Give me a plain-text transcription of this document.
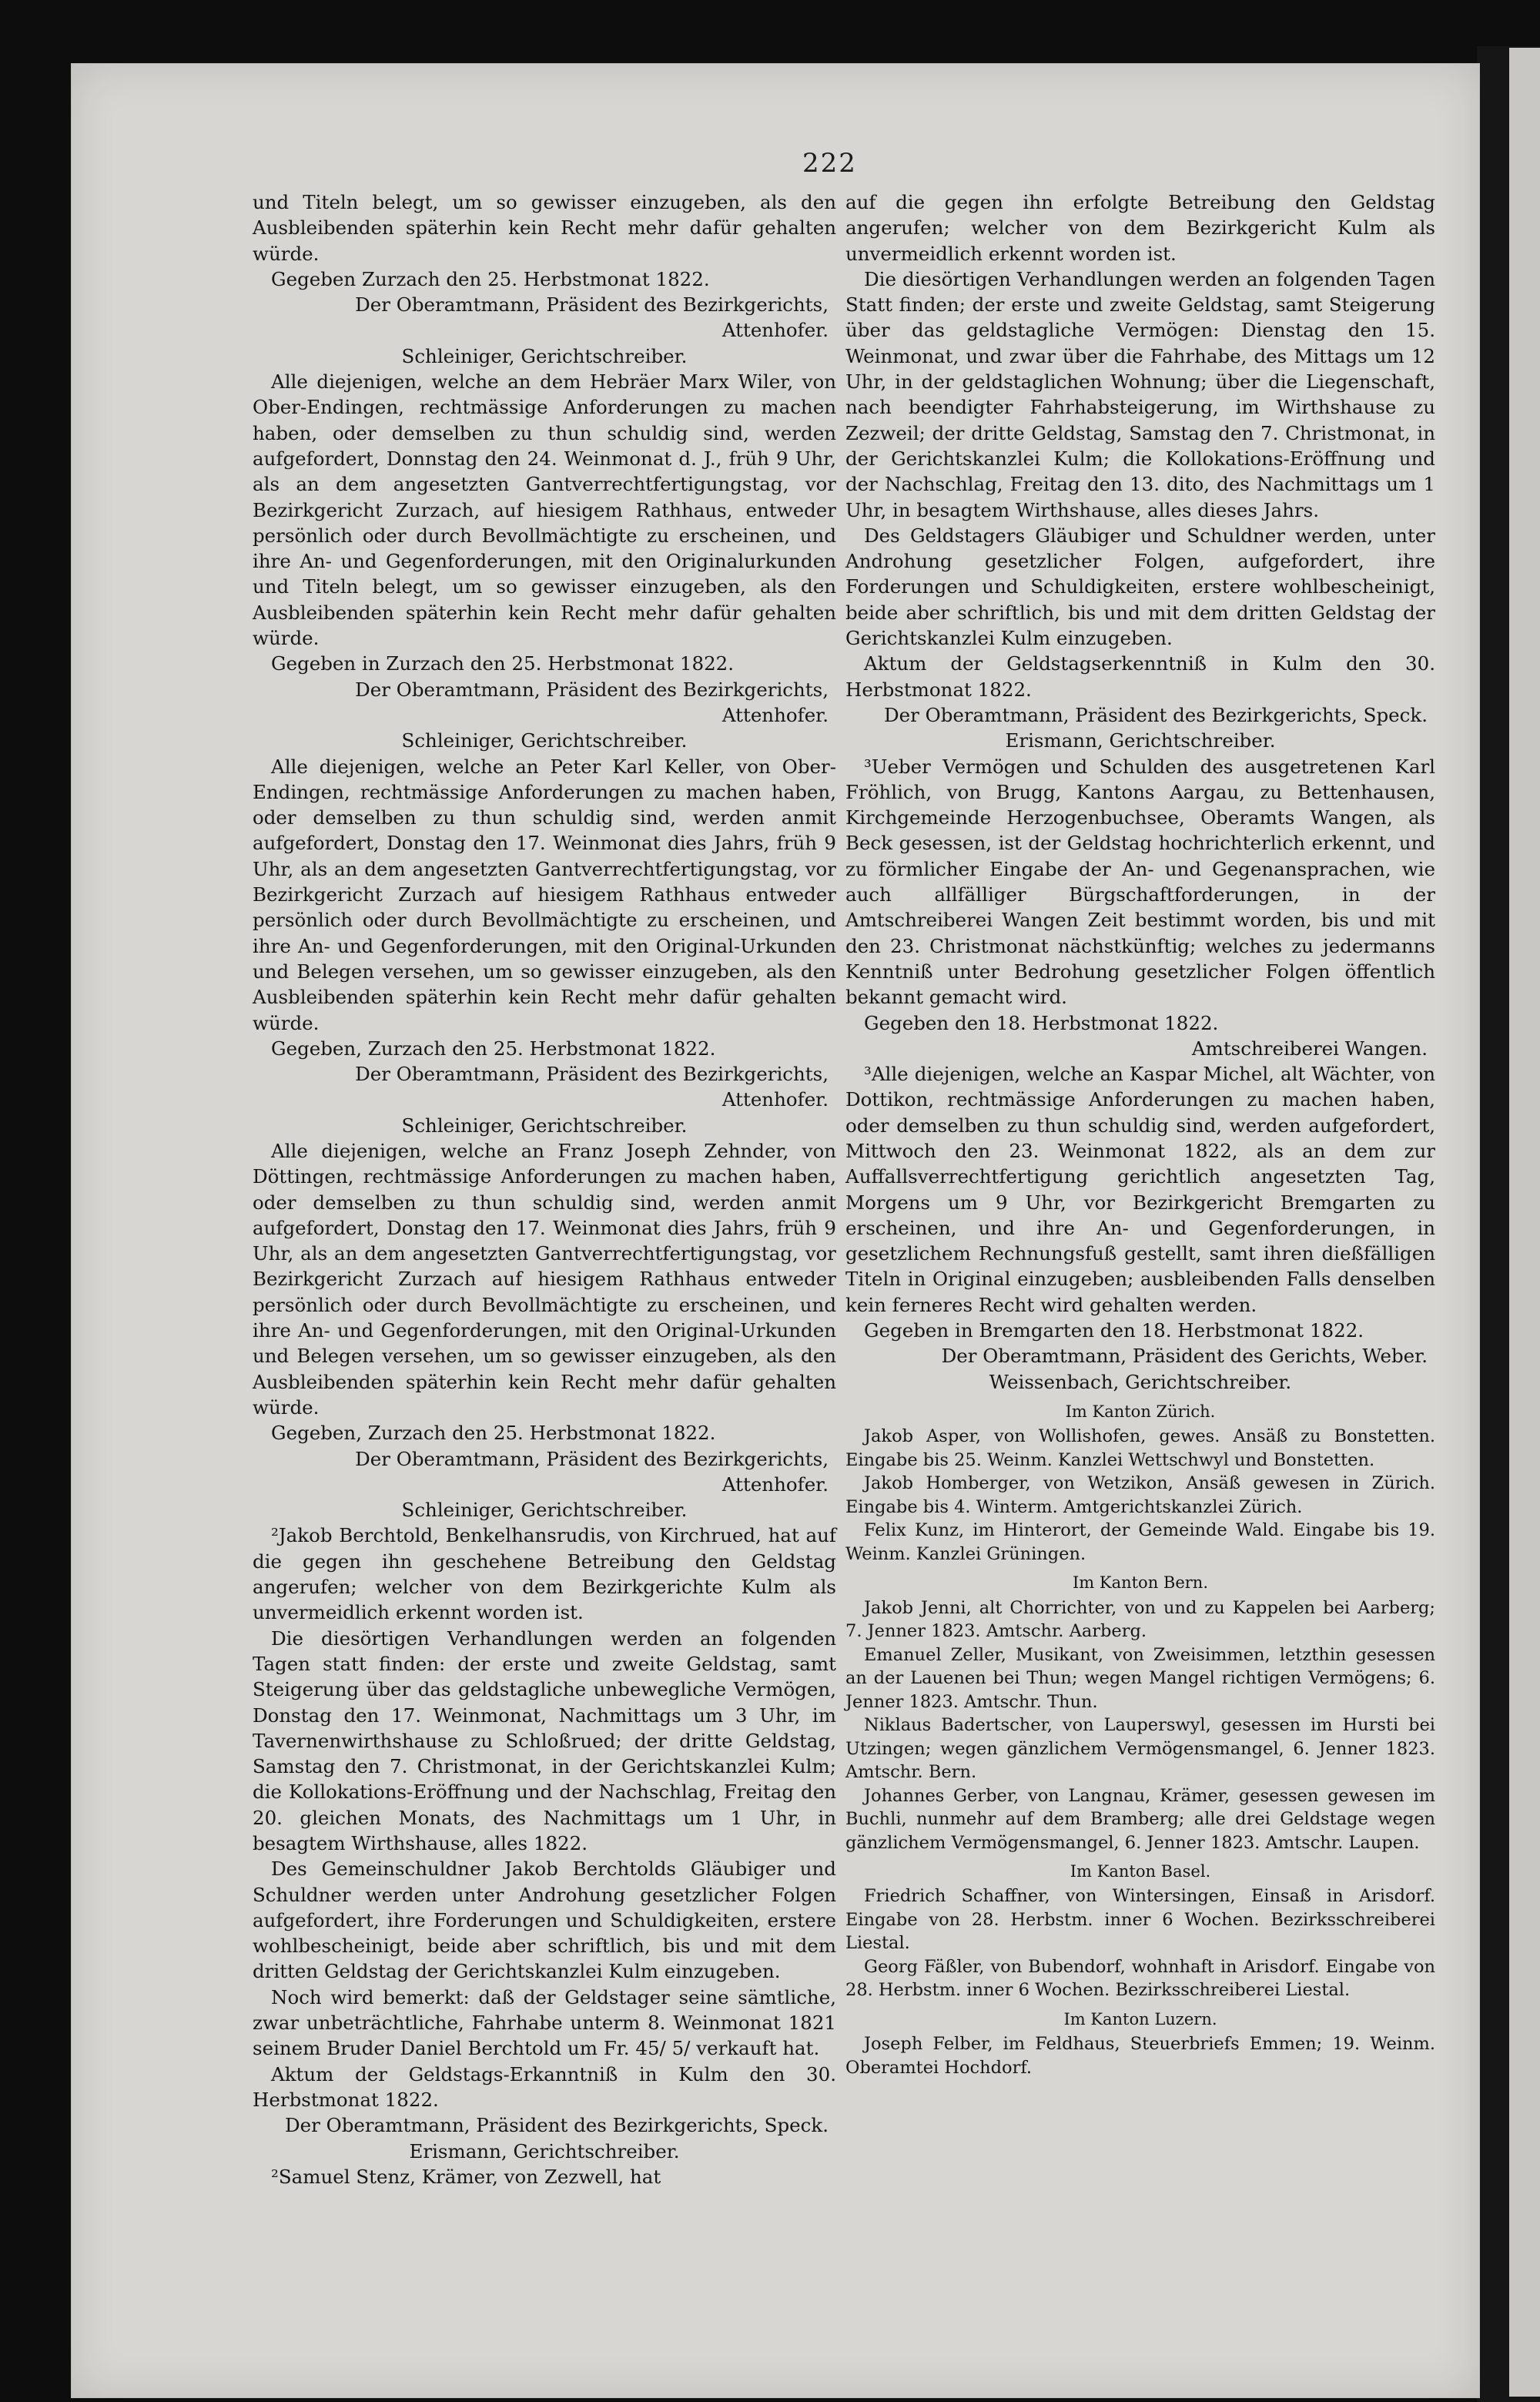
222

und Titeln belegt, um so gewisser einzugeben, als den Ausbleibenden späterhin kein Recht mehr dafür gehalten würde.

Gegeben Zurzach den 25. Herbstmonat 1822.

Der Oberamtmann, Präsident des Bezirkgerichts, Attenhofer.

Schleiniger, Gerichtschreiber.

Alle diejenigen, welche an dem Hebräer Marx Wiler, von Ober-Endingen, rechtmässige Anforderungen zu machen haben, oder demselben zu thun schuldig sind, werden aufgefordert, Donnstag den 24. Weinmonat d. J., früh 9 Uhr, als an dem angesetzten Gantverrechtfertigungstag, vor Bezirkgericht Zurzach, auf hiesigem Rathhaus, entweder persönlich oder durch Bevollmächtigte zu erscheinen, und ihre An- und Gegenforderungen, mit den Originalurkunden und Titeln belegt, um so gewisser einzugeben, als den Ausbleibenden späterhin kein Recht mehr dafür gehalten würde.

Gegeben in Zurzach den 25. Herbstmonat 1822.

Der Oberamtmann, Präsident des Bezirkgerichts, Attenhofer.

Schleiniger, Gerichtschreiber.

Alle diejenigen, welche an Peter Karl Keller, von Ober-Endingen, rechtmässige Anforderungen zu machen haben, oder demselben zu thun schuldig sind, werden anmit aufgefordert, Donstag den 17. Weinmonat dies Jahrs, früh 9 Uhr, als an dem angesetzten Gantverrechtfertigungstag, vor Bezirkgericht Zurzach auf hiesigem Rathhaus entweder persönlich oder durch Bevollmächtigte zu erscheinen, und ihre An- und Gegenforderungen, mit den Original-Urkunden und Belegen versehen, um so gewisser einzugeben, als den Ausbleibenden späterhin kein Recht mehr dafür gehalten würde.

Gegeben, Zurzach den 25. Herbstmonat 1822.

Der Oberamtmann, Präsident des Bezirkgerichts, Attenhofer.

Schleiniger, Gerichtschreiber.

Alle diejenigen, welche an Franz Joseph Zehnder, von Döttingen, rechtmässige Anforderungen zu machen haben, oder demselben zu thun schuldig sind, werden anmit aufgefordert, Donstag den 17. Weinmonat dies Jahrs, früh 9 Uhr, als an dem angesetzten Gantverrechtfertigungstag, vor Bezirkgericht Zurzach auf hiesigem Rathhaus entweder persönlich oder durch Bevollmächtigte zu erscheinen, und ihre An- und Gegenforderungen, mit den Original-Urkunden und Belegen versehen, um so gewisser einzugeben, als den Ausbleibenden späterhin kein Recht mehr dafür gehalten würde.

Gegeben, Zurzach den 25. Herbstmonat 1822.

Der Oberamtmann, Präsident des Bezirkgerichts, Attenhofer.

Schleiniger, Gerichtschreiber.

²Jakob Berchtold, Benkelhansrudis, von Kirchrued, hat auf die gegen ihn geschehene Betreibung den Geldstag angerufen; welcher von dem Bezirkgerichte Kulm als unvermeidlich erkennt worden ist.

Die diesörtigen Verhandlungen werden an folgenden Tagen statt finden: der erste und zweite Geldstag, samt Steigerung über das geldstagliche unbewegliche Vermögen, Donstag den 17. Weinmonat, Nachmittags um 3 Uhr, im Tavernenwirthshause zu Schloßrued; der dritte Geldstag, Samstag den 7. Christmonat, in der Gerichtskanzlei Kulm; die Kollokations-Eröffnung und der Nachschlag, Freitag den 20. gleichen Monats, des Nachmittags um 1 Uhr, in besagtem Wirthshause, alles 1822.

Des Gemeinschuldner Jakob Berchtolds Gläubiger und Schuldner werden unter Androhung gesetzlicher Folgen aufgefordert, ihre Forderungen und Schuldigkeiten, erstere wohlbescheinigt, beide aber schriftlich, bis und mit dem dritten Geldstag der Gerichtskanzlei Kulm einzugeben.

Noch wird bemerkt: daß der Geldstager seine sämtliche, zwar unbeträchtliche, Fahrhabe unterm 8. Weinmonat 1821 seinem Bruder Daniel Berchtold um Fr. 45/ 5/ verkauft hat.

Aktum der Geldstags-Erkanntniß in Kulm den 30. Herbstmonat 1822.

Der Oberamtmann, Präsident des Bezirkgerichts, Speck.

Erismann, Gerichtschreiber.

²Samuel Stenz, Krämer, von Zezwell, hat

auf die gegen ihn erfolgte Betreibung den Geldstag angerufen; welcher von dem Bezirkgericht Kulm als unvermeidlich erkennt worden ist.

Die diesörtigen Verhandlungen werden an folgenden Tagen Statt finden; der erste und zweite Geldstag, samt Steigerung über das geldstagliche Vermögen: Dienstag den 15. Weinmonat, und zwar über die Fahrhabe, des Mittags um 12 Uhr, in der geldstaglichen Wohnung; über die Liegenschaft, nach beendigter Fahrhabsteigerung, im Wirthshause zu Zezweil; der dritte Geldstag, Samstag den 7. Christmonat, in der Gerichtskanzlei Kulm; die Kollokations-Eröffnung und der Nachschlag, Freitag den 13. dito, des Nachmittags um 1 Uhr, in besagtem Wirthshause, alles dieses Jahrs.

Des Geldstagers Gläubiger und Schuldner werden, unter Androhung gesetzlicher Folgen, aufgefordert, ihre Forderungen und Schuldigkeiten, erstere wohlbescheinigt, beide aber schriftlich, bis und mit dem dritten Geldstag der Gerichtskanzlei Kulm einzugeben.

Aktum der Geldstagserkenntniß in Kulm den 30. Herbstmonat 1822.

Der Oberamtmann, Präsident des Bezirkgerichts, Speck.

Erismann, Gerichtschreiber.

³Ueber Vermögen und Schulden des ausgetretenen Karl Fröhlich, von Brugg, Kantons Aargau, zu Bettenhausen, Kirchgemeinde Herzogenbuchsee, Oberamts Wangen, als Beck gesessen, ist der Geldstag hochrichterlich erkennt, und zu förmlicher Eingabe der An- und Gegenansprachen, wie auch allfälliger Bürgschaftforderungen, in der Amtschreiberei Wangen Zeit bestimmt worden, bis und mit den 23. Christmonat nächstkünftig; welches zu jedermanns Kenntniß unter Bedrohung gesetzlicher Folgen öffentlich bekannt gemacht wird.

Gegeben den 18. Herbstmonat 1822.

Amtschreiberei Wangen.

³Alle diejenigen, welche an Kaspar Michel, alt Wächter, von Dottikon, rechtmässige Anforderungen zu machen haben, oder demselben zu thun schuldig sind, werden aufgefordert, Mittwoch den 23. Weinmonat 1822, als an dem zur Auffallsverrechtfertigung gerichtlich angesetzten Tag, Morgens um 9 Uhr, vor Bezirkgericht Bremgarten zu erscheinen, und ihre An- und Gegenforderungen, in gesetzlichem Rechnungsfuß gestellt, samt ihren dießfälligen Titeln in Original einzugeben; ausbleibenden Falls denselben kein ferneres Recht wird gehalten werden.

Gegeben in Bremgarten den 18. Herbstmonat 1822.

Der Oberamtmann, Präsident des Gerichts, Weber.

Weissenbach, Gerichtschreiber.

Im Kanton Zürich.

Jakob Asper, von Wollishofen, gewes. Ansäß zu Bonstetten. Eingabe bis 25. Weinm. Kanzlei Wettschwyl und Bonstetten.

Jakob Homberger, von Wetzikon, Ansäß gewesen in Zürich. Eingabe bis 4. Winterm. Amtgerichtskanzlei Zürich.

Felix Kunz, im Hinterort, der Gemeinde Wald. Eingabe bis 19. Weinm. Kanzlei Grüningen.

Im Kanton Bern.

Jakob Jenni, alt Chorrichter, von und zu Kappelen bei Aarberg; 7. Jenner 1823. Amtschr. Aarberg.

Emanuel Zeller, Musikant, von Zweisimmen, letzthin gesessen an der Lauenen bei Thun; wegen Mangel richtigen Vermögens; 6. Jenner 1823. Amtschr. Thun.

Niklaus Badertscher, von Lauperswyl, gesessen im Hursti bei Utzingen; wegen gänzlichem Vermögensmangel, 6. Jenner 1823. Amtschr. Bern.

Johannes Gerber, von Langnau, Krämer, gesessen gewesen im Buchli, nunmehr auf dem Bramberg; alle drei Geldstage wegen gänzlichem Vermögensmangel, 6. Jenner 1823. Amtschr. Laupen.

Im Kanton Basel.

Friedrich Schaffner, von Wintersingen, Einsaß in Arisdorf. Eingabe von 28. Herbstm. inner 6 Wochen. Bezirksschreiberei Liestal.

Georg Fäßler, von Bubendorf, wohnhaft in Arisdorf. Eingabe von 28. Herbstm. inner 6 Wochen. Bezirksschreiberei Liestal.

Im Kanton Luzern.

Joseph Felber, im Feldhaus, Steuerbriefs Emmen; 19. Weinm. Oberamtei Hochdorf.
